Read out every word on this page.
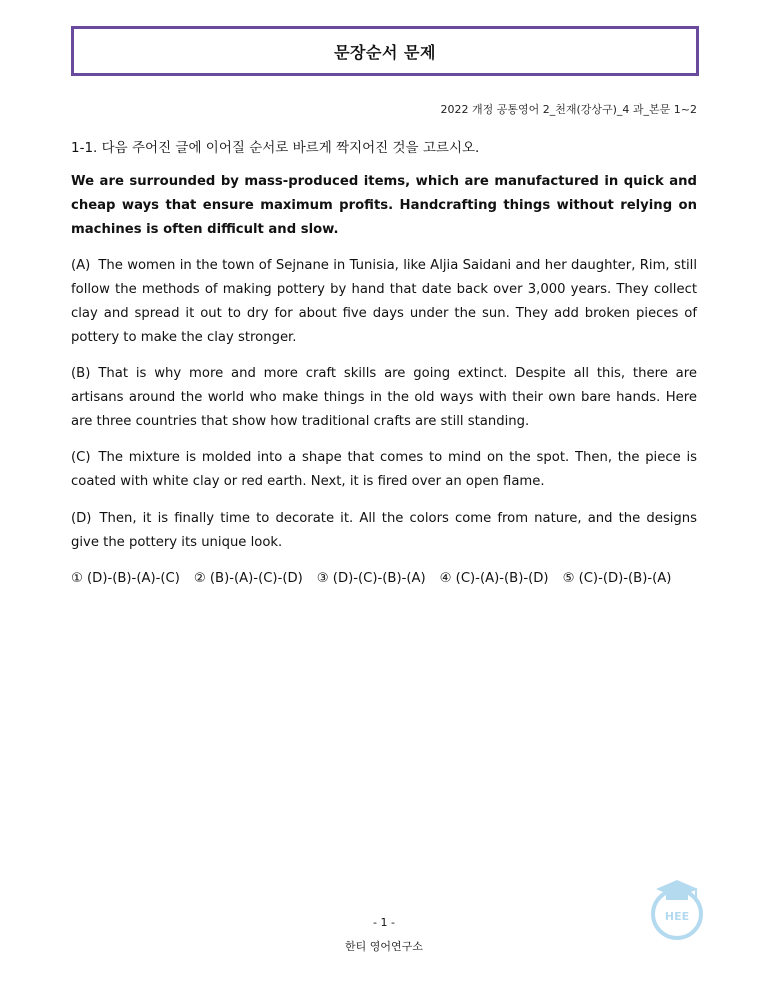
문장순서 문제
2022 개정 공통영어 2_천재(강상구)_4 과_본문 1~2
1-1. 다음 주어진 글에 이어질 순서로 바르게 짝지어진 것을 고르시오.
We are surrounded by mass-produced items, which are manufactured in quick and cheap ways that ensure maximum profits. Handcrafting things without relying on machines is often difficult and slow.
(A) The women in the town of Sejnane in Tunisia, like Aljia Saidani and her daughter, Rim, still follow the methods of making pottery by hand that date back over 3,000 years. They collect clay and spread it out to dry for about five days under the sun. They add broken pieces of pottery to make the clay stronger.
(B) That is why more and more craft skills are going extinct. Despite all this, there are artisans around the world who make things in the old ways with their own bare hands. Here are three countries that show how traditional crafts are still standing.
(C) The mixture is molded into a shape that comes to mind on the spot. Then, the piece is coated with white clay or red earth. Next, it is fired over an open flame.
(D) Then, it is finally time to decorate it. All the colors come from nature, and the designs give the pottery its unique look.
① (D)-(B)-(A)-(C) ② (B)-(A)-(C)-(D) ③ (D)-(C)-(B)-(A) ④ (C)-(A)-(B)-(D) ⑤ (C)-(D)-(B)-(A)
- 1 -
한티 영어연구소
HEE
